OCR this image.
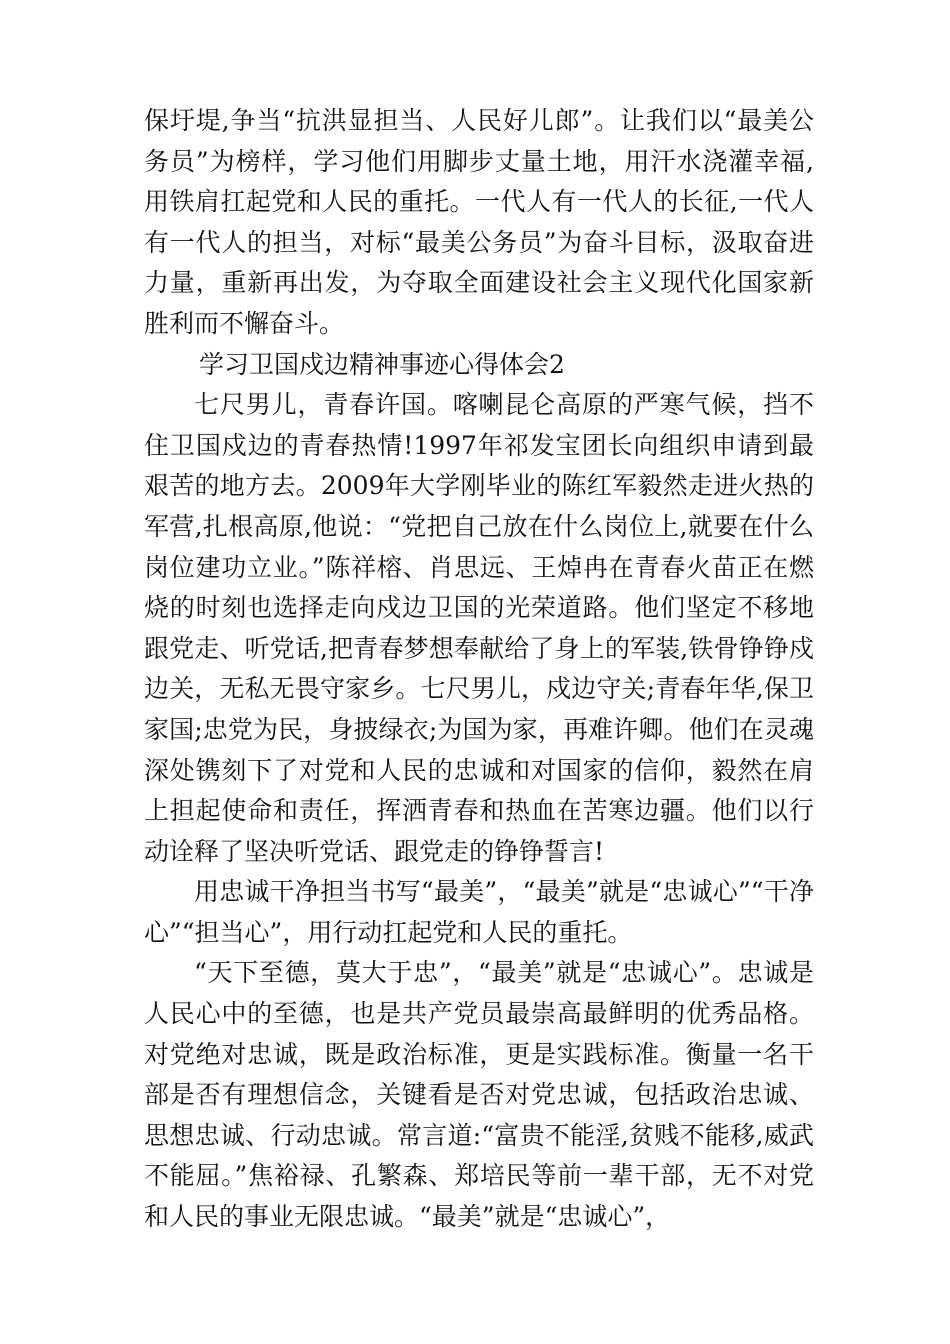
保圩堤,争当“抗洪显担当、人民好儿郎”。让我们以“最美公务员”为榜样，学习他们用脚步丈量土地，用汗水浇灌幸福,用铁肩扛起党和人民的重托。一代人有一代人的长征,一代人有一代人的担当，对标“最美公务员”为奋斗目标，汲取奋进力量，重新再出发，为夺取全面建设社会主义现代化国家新胜利而不懈奋斗。

学习卫国戍边精神事迹心得体会2

七尺男儿，青春许国。喀喇昆仑高原的严寒气候，挡不住卫国戍边的青春热情!1997年祁发宝团长向组织申请到最艰苦的地方去。2009年大学刚毕业的陈红军毅然走进火热的军营,扎根高原,他说：“党把自己放在什么岗位上,就要在什么岗位建功立业。”陈祥榕、肖思远、王焯冉在青春火苗正在燃烧的时刻也选择走向戍边卫国的光荣道路。他们坚定不移地跟党走、听党话,把青春梦想奉献给了身上的军装,铁骨铮铮戍边关，无私无畏守家乡。七尺男儿，戍边守关;青春年华,保卫家国;忠党为民，身披绿衣;为国为家，再难许卿。他们在灵魂深处镌刻下了对党和人民的忠诚和对国家的信仰，毅然在肩上担起使命和责任，挥洒青春和热血在苦寒边疆。他们以行动诠释了坚决听党话、跟党走的铮铮誓言!

用忠诚干净担当书写“最美”，“最美”就是“忠诚心”“干净心”“担当心”，用行动扛起党和人民的重托。

“天下至德，莫大于忠”，“最美”就是“忠诚心”。忠诚是人民心中的至德，也是共产党员最崇高最鲜明的优秀品格。对党绝对忠诚，既是政治标准，更是实践标准。衡量一名干部是否有理想信念，关键看是否对党忠诚，包括政治忠诚、思想忠诚、行动忠诚。常言道:“富贵不能淫,贫贱不能移,威武不能屈。”焦裕禄、孔繁森、郑培民等前一辈干部，无不对党和人民的事业无限忠诚。“最美”就是“忠诚心”，
